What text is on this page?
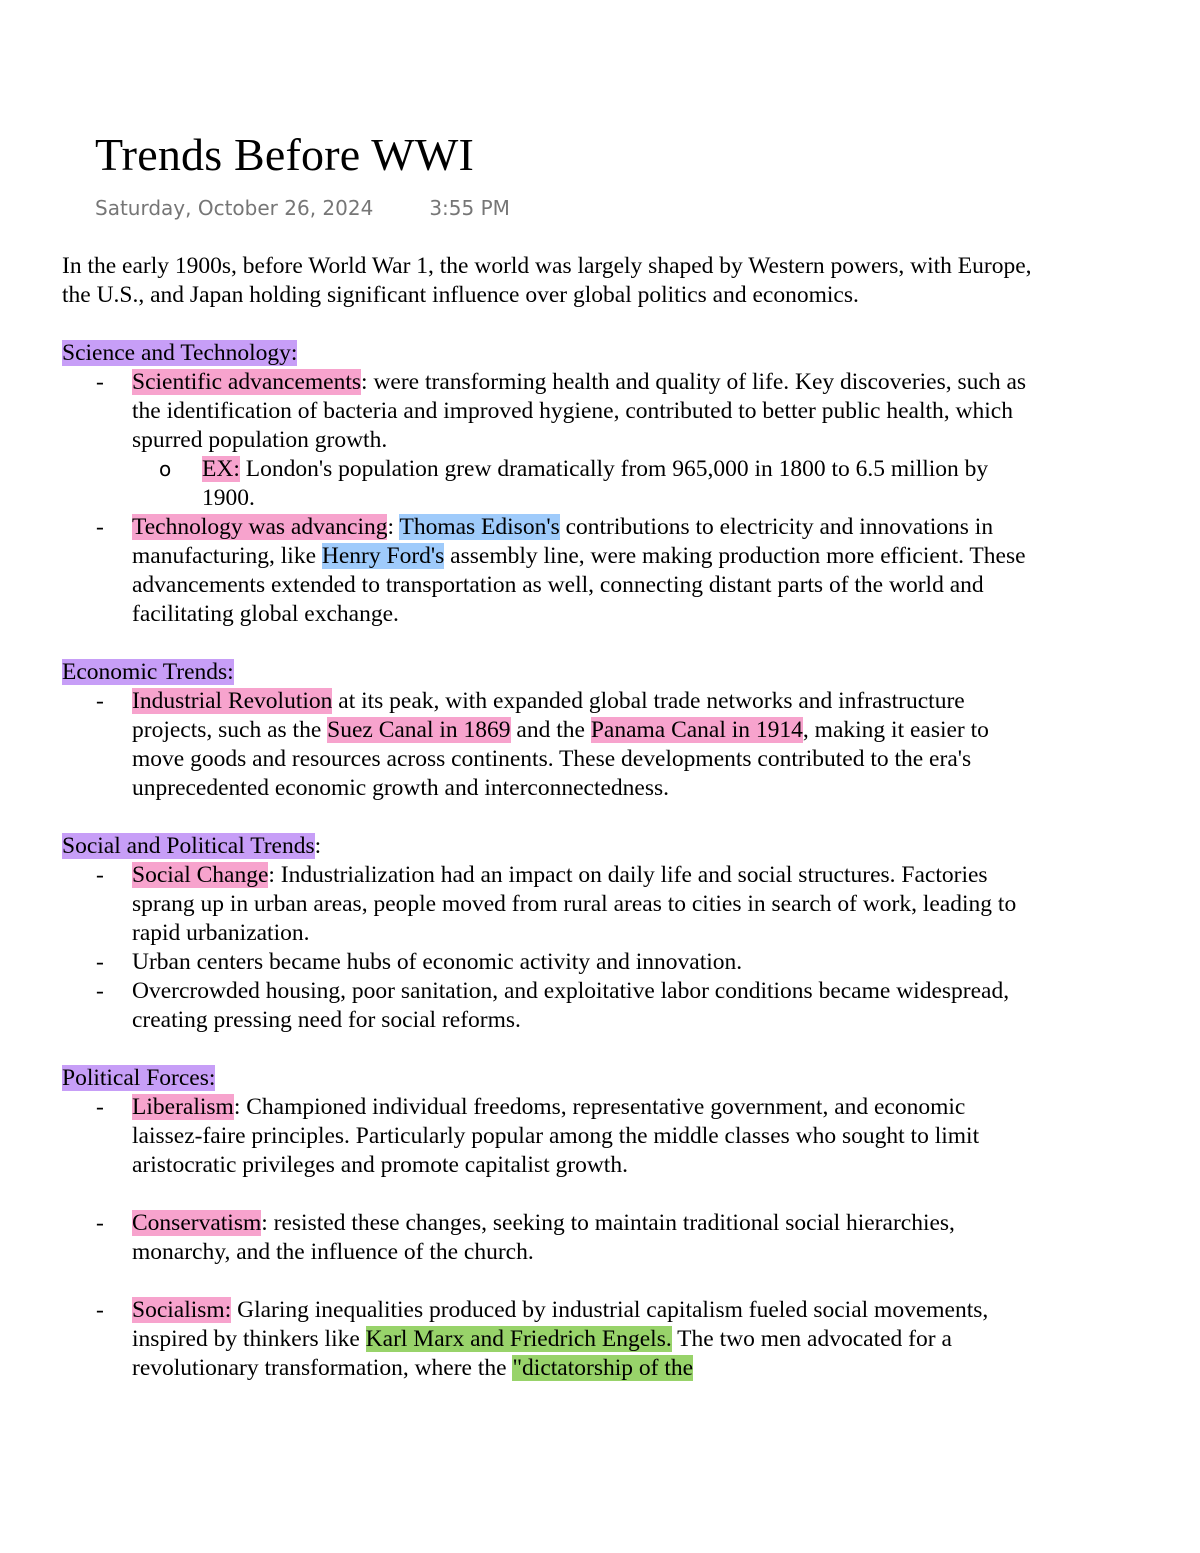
Trends Before WWI
Saturday, October 26, 2024	3:55 PM

In the early 1900s, before World War 1, the world was largely shaped by Western powers, with Europe, the U.S., and Japan holding significant influence over global politics and economics.

Science and Technology:

- Scientific advancements: were transforming health and quality of life. Key discoveries, such as the identification of bacteria and improved hygiene, contributed to better public health, which spurred population growth.
o EX: London's population grew dramatically from 965,000 in 1800 to 6.5 million by 1900.
- Technology was advancing: Thomas Edison's contributions to electricity and innovations in manufacturing, like Henry Ford's assembly line, were making production more efficient. These advancements extended to transportation as well, connecting distant parts of the world and facilitating global exchange.

Economic Trends:

- Industrial Revolution at its peak, with expanded global trade networks and infrastructure projects, such as the Suez Canal in 1869 and the Panama Canal in 1914, making it easier to move goods and resources across continents. These developments contributed to the era's unprecedented economic growth and interconnectedness.

Social and Political Trends:

- Social Change: Industrialization had an impact on daily life and social structures. Factories sprang up in urban areas, people moved from rural areas to cities in search of work, leading to rapid urbanization.
- Urban centers became hubs of economic activity and innovation.
- Overcrowded housing, poor sanitation, and exploitative labor conditions became widespread, creating pressing need for social reforms.

Political Forces:

- Liberalism: Championed individual freedoms, representative government, and economic laissez-faire principles. Particularly popular among the middle classes who sought to limit aristocratic privileges and promote capitalist growth.
- Conservatism: resisted these changes, seeking to maintain traditional social hierarchies, monarchy, and the influence of the church.
- Socialism: Glaring inequalities produced by industrial capitalism fueled social movements, inspired by thinkers like Karl Marx and Friedrich Engels. The two men advocated for a revolutionary transformation, where the "dictatorship of the
